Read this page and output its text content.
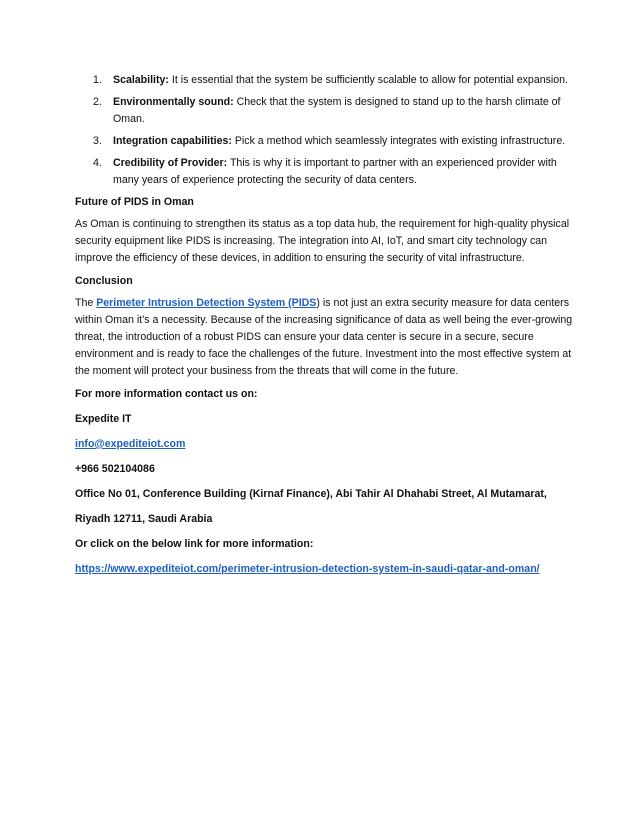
1. Scalability: It is essential that the system be sufficiently scalable to allow for potential expansion.
2. Environmentally sound: Check that the system is designed to stand up to the harsh climate of Oman.
3. Integration capabilities: Pick a method which seamlessly integrates with existing infrastructure.
4. Credibility of Provider: This is why it is important to partner with an experienced provider with many years of experience protecting the security of data centers.
Future of PIDS in Oman

As Oman is continuing to strengthen its status as a top data hub, the requirement for high-quality physical security equipment like PIDS is increasing. The integration into AI, IoT, and smart city technology can improve the efficiency of these devices, in addition to ensuring the security of vital infrastructure.

Conclusion

The Perimeter Intrusion Detection System (PIDS) is not just an extra security measure for data centers within Oman it’s a necessity. Because of the increasing significance of data as well being the ever-growing threat, the introduction of a robust PIDS can ensure your data center is secure in a secure, secure environment and is ready to face the challenges of the future. Investment into the most effective system at the moment will protect your business from the threats that will come in the future.

For more information contact us on:
Expedite IT
info@expediteiot.com
+966 502104086
Office No 01, Conference Building (Kirnaf Finance), Abi Tahir Al Dhahabi Street, Al Mutamarat,
Riyadh 12711, Saudi Arabia
Or click on the below link for more information:
https://www.expediteiot.com/perimeter-intrusion-detection-system-in-saudi-qatar-and-oman/
